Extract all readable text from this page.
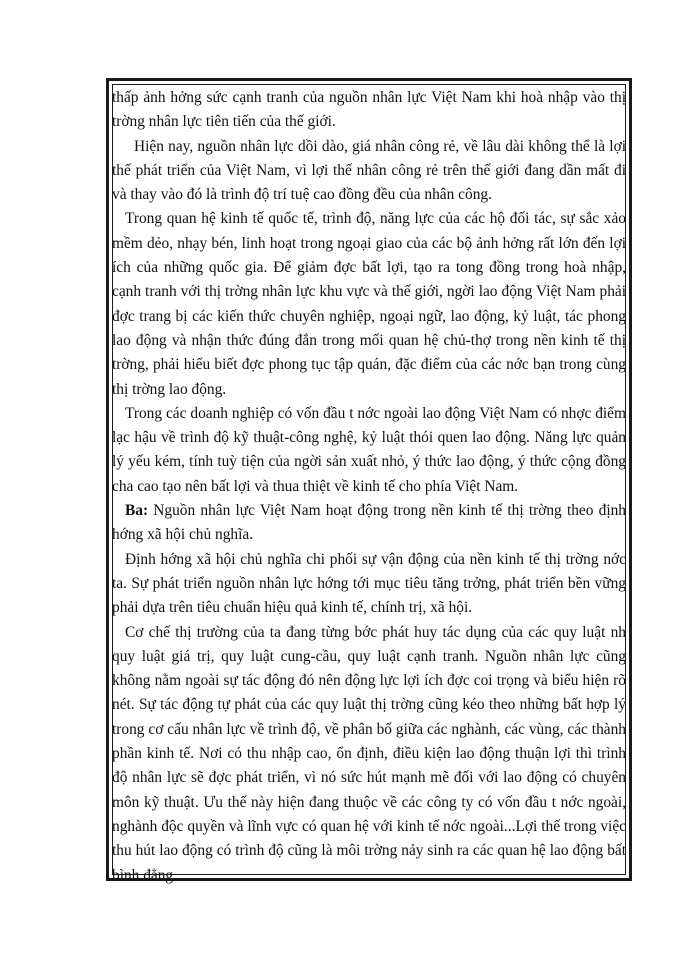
thấp ảnh hởng sức cạnh tranh của nguồn nhân lực Việt Nam khi hoà nhập vào thị trờng nhân lực tiên tiến của thế giới.

Hiện nay, nguồn nhân lực dồi dào, giá nhân công rẻ, về lâu dài không thể là lợi thế phát triển của Việt Nam, vì lợi thế nhân công rẻ trên thế giới đang dần mất đi và thay vào đó là trình độ trí tuệ cao đồng đều của nhân công.

Trong quan hệ kinh tế quốc tế, trình độ, năng lực của các hộ đối tác, sự sắc xảo mềm dẻo, nhạy bén, linh hoạt trong ngoại giao của các bộ ảnh hởng rất lớn đến lợi ích của những quốc gia. Để giảm đợc bất lợi, tạo ra tong đồng trong hoà nhập, cạnh tranh với thị trờng nhân lực khu vực và thế giới, ngời lao động Việt Nam phải đợc trang bị các kiến thức chuyên nghiệp, ngoại ngữ, lao động, kỷ luật, tác phong lao động và nhận thức đúng đắn trong mối quan hệ chủ-thợ trong nền kinh tế thị trờng, phải hiểu biết đợc phong tục tập quán, đặc điểm của các nớc bạn trong cùng thị trờng lao động.

Trong các doanh nghiệp có vốn đầu t nớc ngoài lao động Việt Nam có nhợc điểm lạc hậu về trình độ kỹ thuật-công nghệ, kỷ luật thói quen lao động. Năng lực quản lý yếu kém, tính tuỳ tiện của ngời sản xuất nhỏ, ý thức lao động, ý thức cộng đồng cha cao tạo nên bất lợi và thua thiệt về kinh tế cho phía Việt Nam.

Ba: Nguồn nhân lực Việt Nam hoạt động trong nền kinh tế thị trờng theo định hớng xã hội chủ nghĩa.

Định hớng xã hội chủ nghĩa chi phối sự vận động của nền kinh tế thị trờng nớc ta. Sự phát triển nguồn nhân lực hớng tới mục tiêu tăng trởng, phát triển bền vững phải dựa trên tiêu chuẩn hiệu quả kinh tế, chính trị, xã hội.

Cơ chế thị trường của ta đang từng bớc phát huy tác dụng của các quy luật nh quy luật giá trị, quy luật cung-cầu, quy luật cạnh tranh. Nguồn nhân lực cũng không nằm ngoài sự tác động đó nên động lực lợi ích đợc coi trọng và biểu hiện rõ nét. Sự tác động tự phát của các quy luật thị trờng cũng kéo theo những bất hợp lý trong cơ cấu nhân lực về trình độ, về phân bố giữa các nghành, các vùng, các thành phần kinh tế. Nơi có thu nhập cao, ổn định, điều kiện lao động thuận lợi thì trình độ nhân lực sẽ đợc phát triển, vì nó sức hút mạnh mẽ đối với lao động có chuyên môn kỹ thuật. Ưu thế này hiện đang thuộc về các công ty có vốn đầu t nớc ngoài, nghành độc quyền và lĩnh vực có quan hệ với kinh tế nớc ngoài...Lợi thế trong việc thu hút lao động có trình độ cũng là môi trờng nảy sinh ra các quan hệ lao động bất bình đẳng.
